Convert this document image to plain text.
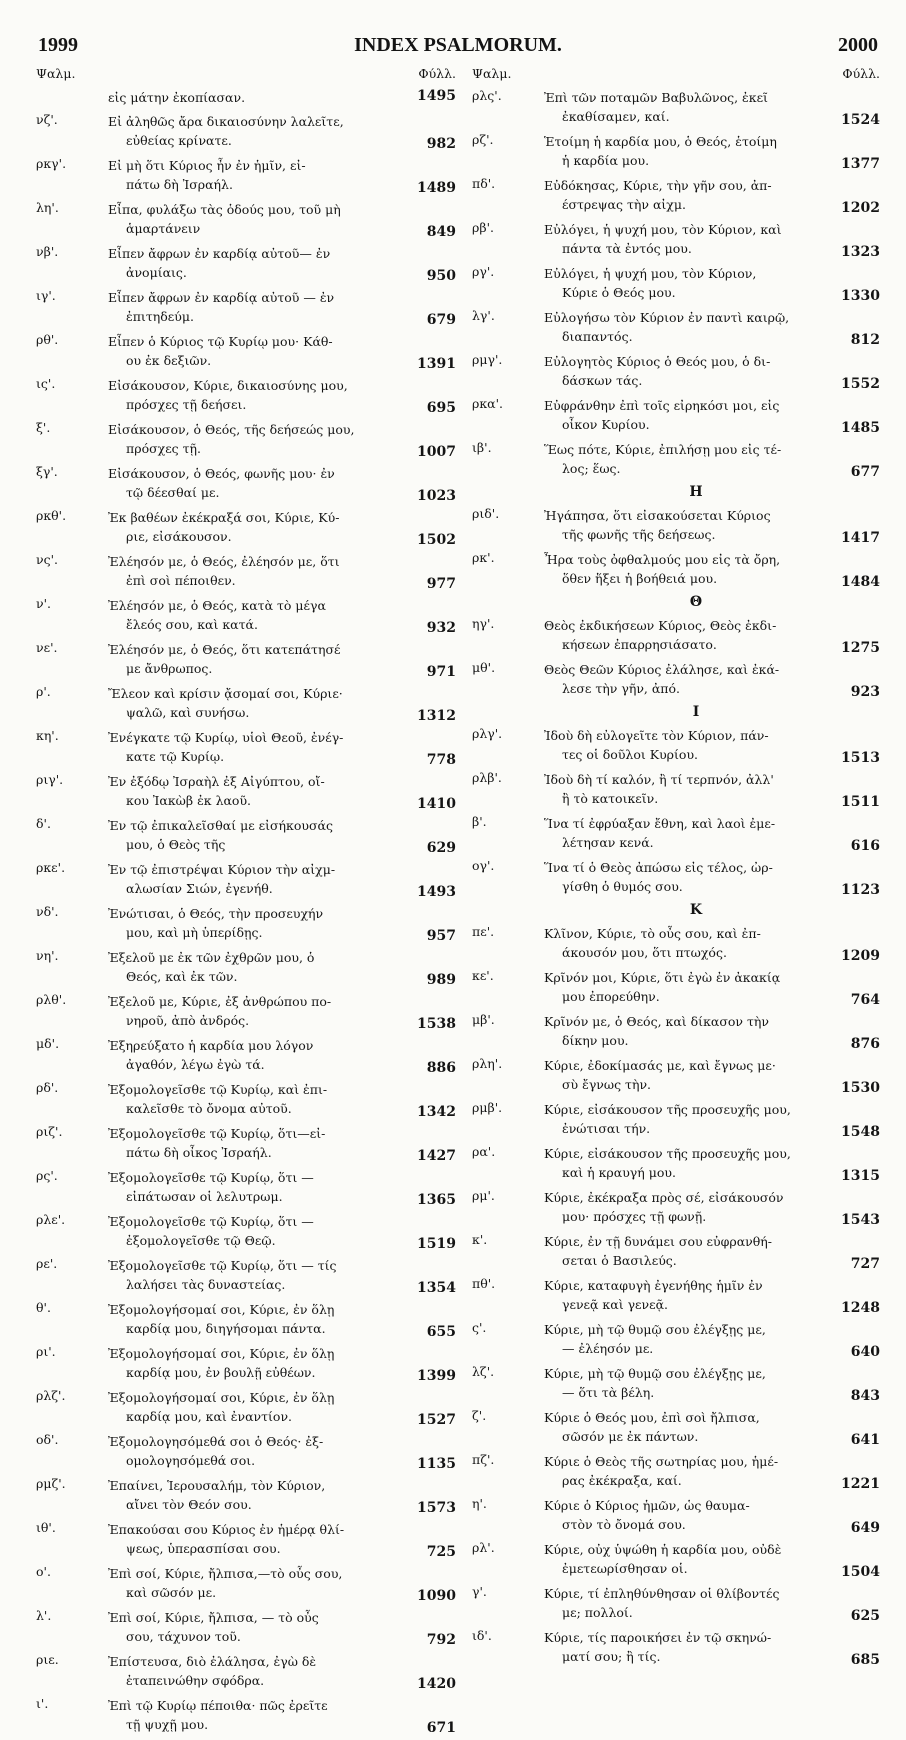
1999	INDEX PSALMORUM.	2000
Ψαλμ.	Φύλλ. Ψαλμ.	Φύλλ.
εἰς μάτην ἐκοπίασαν.	1495
νζ'.	Εἰ ἀληθῶς ἄρα δικαιοσύνην λαλεῖτε,
εὐθείας κρίνατε.	982
ρκγ'.	Εἰ μὴ ὅτι Κύριος ἦν ἐν ἡμῖν, εἰ-
πάτω δὴ Ἰσραήλ.	1489
λη'.	Εἶπα, φυλάξω τὰς ὁδούς μου, τοῦ μὴ
ἁμαρτάνειν	849
νβ'.	Εἶπεν ἄφρων ἐν καρδίᾳ αὐτοῦ— ἐν
ἀνομίαις.	950
ιγ'.	Εἶπεν ἄφρων ἐν καρδίᾳ αὐτοῦ — ἐν
ἐπιτηδεύμ.	679
ρθ'.	Εἶπεν ὁ Κύριος τῷ Κυρίῳ μου· Κάθ-
ου ἐκ δεξιῶν.	1391
ις'.	Εἰσάκουσον, Κύριε, δικαιοσύνης μου,
πρόσχες τῇ δεήσει.	695
ξ'.	Εἰσάκουσον, ὁ Θεός, τῆς δεήσεώς μου,
πρόσχες τῇ.	1007
ξγ'.	Εἰσάκουσον, ὁ Θεός, φωνῆς μου· ἐν
τῷ δέεσθαί με.	1023
ρκθ'.	Ἐκ βαθέων ἐκέκραξά σοι, Κύριε, Κύ-
ριε, εἰσάκουσον.	1502
νς'.	Ἐλέησόν με, ὁ Θεός, ἐλέησόν με, ὅτι
ἐπὶ σοὶ πέποιθεν.	977
ν'.	Ἐλέησόν με, ὁ Θεός, κατὰ τὸ μέγα
ἔλεός σου, καὶ κατά.	932
νε'.	Ἐλέησόν με, ὁ Θεός, ὅτι κατεπάτησέ
με ἄνθρωπος.	971
ρ'.	Ἔλεον καὶ κρίσιν ᾄσομαί σοι, Κύριε·
ψαλῶ, καὶ συνήσω.	1312
κη'.	Ἐνέγκατε τῷ Κυρίῳ, υἱοὶ Θεοῦ, ἐνέγ-
κατε τῷ Κυρίῳ.	778
ριγ'.	Ἐν ἐξόδῳ Ἰσραὴλ ἐξ Αἰγύπτου, οἴ-
κου Ἰακὼβ ἐκ λαοῦ.	1410
δ'.	Ἐν τῷ ἐπικαλεῖσθαί με εἰσήκουσάς
μου, ὁ Θεὸς τῆς	629
ρκε'.	Ἐν τῷ ἐπιστρέψαι Κύριον τὴν αἰχμ-
αλωσίαν Σιών, ἐγενήθ.	1493
νδ'.	Ἐνώτισαι, ὁ Θεός, τὴν προσευχήν
μου, καὶ μὴ ὑπερίδῃς.	957
νη'.	Ἐξελοῦ με ἐκ τῶν ἐχθρῶν μου, ὁ
Θεός, καὶ ἐκ τῶν.	989
ρλθ'.	Ἐξελοῦ με, Κύριε, ἐξ ἀνθρώπου πο-
νηροῦ, ἀπὸ ἀνδρός.	1538
μδ'.	Ἐξηρεύξατο ἡ καρδία μου λόγον
ἀγαθόν, λέγω ἐγὼ τά.	886
ρδ'.	Ἐξομολογεῖσθε τῷ Κυρίῳ, καὶ ἐπι-
καλεῖσθε τὸ ὄνομα αὐτοῦ.	1342
ριζ'.	Ἐξομολογεῖσθε τῷ Κυρίῳ, ὅτι—εἰ-
πάτω δὴ οἶκος Ἰσραήλ.	1427
ρς'.	Ἐξομολογεῖσθε τῷ Κυρίῳ, ὅτι —
εἰπάτωσαν οἱ λελυτρωμ.	1365
ρλε'.	Ἐξομολογεῖσθε τῷ Κυρίῳ, ὅτι —
ἐξομολογεῖσθε τῷ Θεῷ.	1519
ρε'.	Ἐξομολογεῖσθε τῷ Κυρίῳ, ὅτι — τίς
λαλήσει τὰς δυναστείας.	1354
θ'.	Ἐξομολογήσομαί σοι, Κύριε, ἐν ὅλῃ
καρδίᾳ μου, διηγήσομαι πάντα.	655
ρι'.	Ἐξομολογήσομαί σοι, Κύριε, ἐν ὅλῃ
καρδίᾳ μου, ἐν βουλῇ εὐθέων.	1399
ρλζ'.	Ἐξομολογήσομαί σοι, Κύριε, ἐν ὅλῃ
καρδίᾳ μου, καὶ ἐναντίον.	1527
οδ'.	Ἐξομολογησόμεθά σοι ὁ Θεός· ἐξ-
ομολογησόμεθά σοι.	1135
ρμζ'.	Ἐπαίνει, Ἱερουσαλήμ, τὸν Κύριον,
αἴνει τὸν Θεόν σου.	1573
ιθ'.	Ἐπακούσαι σου Κύριος ἐν ἡμέρᾳ θλί-
ψεως, ὑπερασπίσαι σου.	725
ο'.	Ἐπὶ σοί, Κύριε, ἤλπισα,—τὸ οὖς σου,
καὶ σῶσόν με.	1090
λ'.	Ἐπὶ σοί, Κύριε, ἤλπισα, — τὸ οὖς
σου, τάχυνον τοῦ.	792
ριε.	Ἐπίστευσα, διὸ ἐλάλησα, ἐγὼ δὲ
ἐταπεινώθην σφόδρα.	1420
ι'.	Ἐπὶ τῷ Κυρίῳ πέποιθα· πῶς ἐρεῖτε
τῇ ψυχῇ μου.	671
ρλς'.	Ἐπὶ τῶν ποταμῶν Βαβυλῶνος, ἐκεῖ
ἐκαθίσαμεν, καί.	1524
ρζ'.	Ἑτοίμη ἡ καρδία μου, ὁ Θεός, ἑτοίμη
ἡ καρδία μου.	1377
πδ'.	Εὐδόκησας, Κύριε, τὴν γῆν σου, ἀπ-
έστρεψας τὴν αἰχμ.	1202
ρβ'.	Εὐλόγει, ἡ ψυχή μου, τὸν Κύριον, καὶ
πάντα τὰ ἐντός μου.	1323
ργ'.	Εὐλόγει, ἡ ψυχή μου, τὸν Κύριον,
Κύριε ὁ Θεός μου.	1330
λγ'.	Εὐλογήσω τὸν Κύριον ἐν παντὶ καιρῷ,
διαπαντός.	812
ρμγ'.	Εὐλογητὸς Κύριος ὁ Θεός μου, ὁ δι-
δάσκων τάς.	1552
ρκα'.	Εὐφράνθην ἐπὶ τοῖς εἰρηκόσι μοι, εἰς
οἶκον Κυρίου.	1485
ιβ'.	Ἕως πότε, Κύριε, ἐπιλήσῃ μου εἰς τέ-
λος; ἕως.	677
Η
ριδ'.	Ἠγάπησα, ὅτι εἰσακούσεται Κύριος
τῆς φωνῆς τῆς δεήσεως.	1417
ρκ'.	Ἦρα τοὺς ὀφθαλμούς μου εἰς τὰ ὄρη,
ὅθεν ἥξει ἡ βοήθειά μου.	1484
Θ
ηγ'.	Θεὸς ἐκδικήσεων Κύριος, Θεὸς ἐκδι-
κήσεων ἐπαρρησιάσατο.	1275
μθ'.	Θεὸς Θεῶν Κύριος ἐλάλησε, καὶ ἐκά-
λεσε τὴν γῆν, ἀπό.	923
Ι
ρλγ'.	Ἰδοὺ δὴ εὐλογεῖτε τὸν Κύριον, πάν-
τες οἱ δοῦλοι Κυρίου.	1513
ρλβ'.	Ἰδοὺ δὴ τί καλόν, ἢ τί τερπνόν, ἀλλ'
ἢ τὸ κατοικεῖν.	1511
β'.	Ἵνα τί ἐφρύαξαν ἔθνη, καὶ λαοὶ ἐμε-
λέτησαν κενά.	616
ογ'.	Ἵνα τί ὁ Θεὸς ἀπώσω εἰς τέλος, ὠρ-
γίσθη ὁ θυμός σου.	1123
Κ
πε'.	Κλῖνον, Κύριε, τὸ οὖς σου, καὶ ἐπ-
άκουσόν μου, ὅτι πτωχός.	1209
κε'.	Κρῖνόν μοι, Κύριε, ὅτι ἐγὼ ἐν ἀκακίᾳ
μου ἐπορεύθην.	764
μβ'.	Κρῖνόν με, ὁ Θεός, καὶ δίκασον τὴν
δίκην μου.	876
ρλη'.	Κύριε, ἐδοκίμασάς με, καὶ ἔγνως με·
σὺ ἔγνως τὴν.	1530
ρμβ'.	Κύριε, εἰσάκουσον τῆς προσευχῆς μου,
ἐνώτισαι τήν.	1548
ρα'.	Κύριε, εἰσάκουσον τῆς προσευχῆς μου,
καὶ ἡ κραυγή μου.	1315
ρμ'.	Κύριε, ἐκέκραξα πρὸς σέ, εἰσάκουσόν
μου· πρόσχες τῇ φωνῇ.	1543
κ'.	Κύριε, ἐν τῇ δυνάμει σου εὐφρανθή-
σεται ὁ Βασιλεύς.	727
πθ'.	Κύριε, καταφυγὴ ἐγενήθης ἡμῖν ἐν
γενεᾷ καὶ γενεᾷ.	1248
ς'.	Κύριε, μὴ τῷ θυμῷ σου ἐλέγξῃς με,
— ἐλέησόν με.	640
λζ'.	Κύριε, μὴ τῷ θυμῷ σου ἐλέγξῃς με,
— ὅτι τὰ βέλη.	843
ζ'.	Κύριε ὁ Θεός μου, ἐπὶ σοὶ ἤλπισα,
σῶσόν με ἐκ πάντων.	641
πζ'.	Κύριε ὁ Θεὸς τῆς σωτηρίας μου, ἡμέ-
ρας ἐκέκραξα, καί.	1221
η'.	Κύριε ὁ Κύριος ἡμῶν, ὡς θαυμα-
στὸν τὸ ὄνομά σου.	649
ρλ'.	Κύριε, οὐχ ὑψώθη ἡ καρδία μου, οὐδὲ
ἐμετεωρίσθησαν οἱ.	1504
γ'.	Κύριε, τί ἐπληθύνθησαν οἱ θλίβοντές
με; πολλοί.	625
ιδ'.	Κύριε, τίς παροικήσει ἐν τῷ σκηνώ-
ματί σου; ἢ τίς.	685
